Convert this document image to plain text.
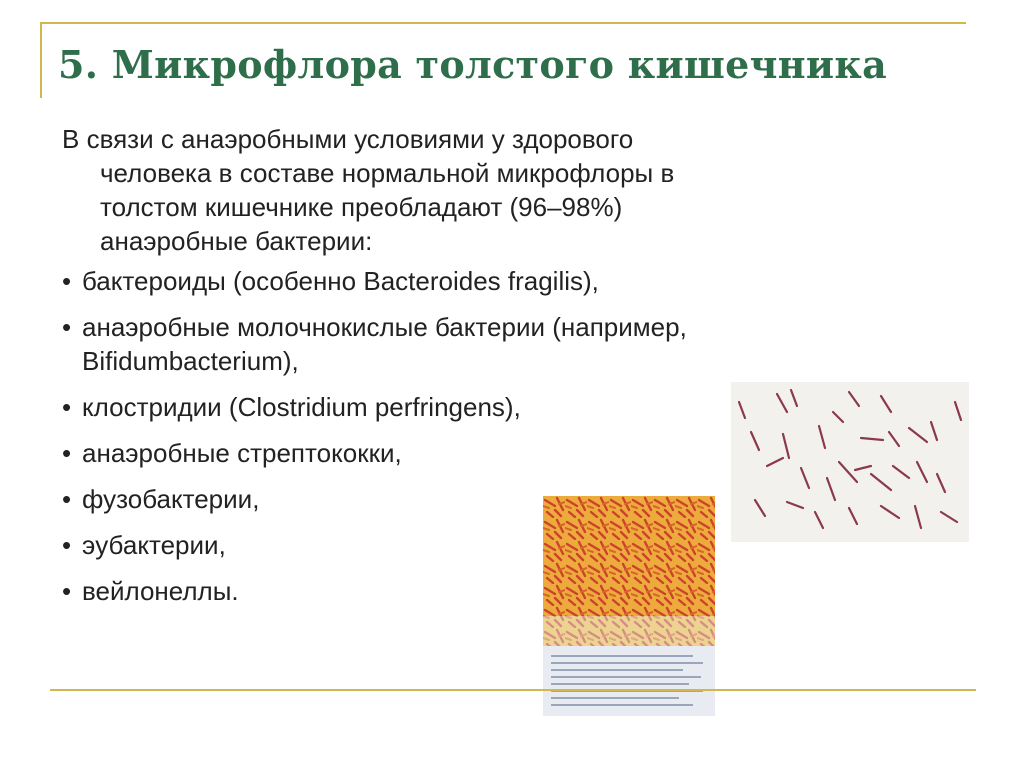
5. Микрофлора толстого кишечника

В связи с анаэробными условиями у здорового
человека в составе нормальной микрофлоры в
толстом кишечнике преобладают (96–98%)
анаэробные бактерии:

• бактероиды (особенно Bacteroides fragilis),
• анаэробные молочнокислые бактерии (например,
Bifidumbacterium),
• клостридии (Clostridium perfringens),
• анаэробные стрептококки,
• фузобактерии,
• эубактерии,
• вейлонеллы.
